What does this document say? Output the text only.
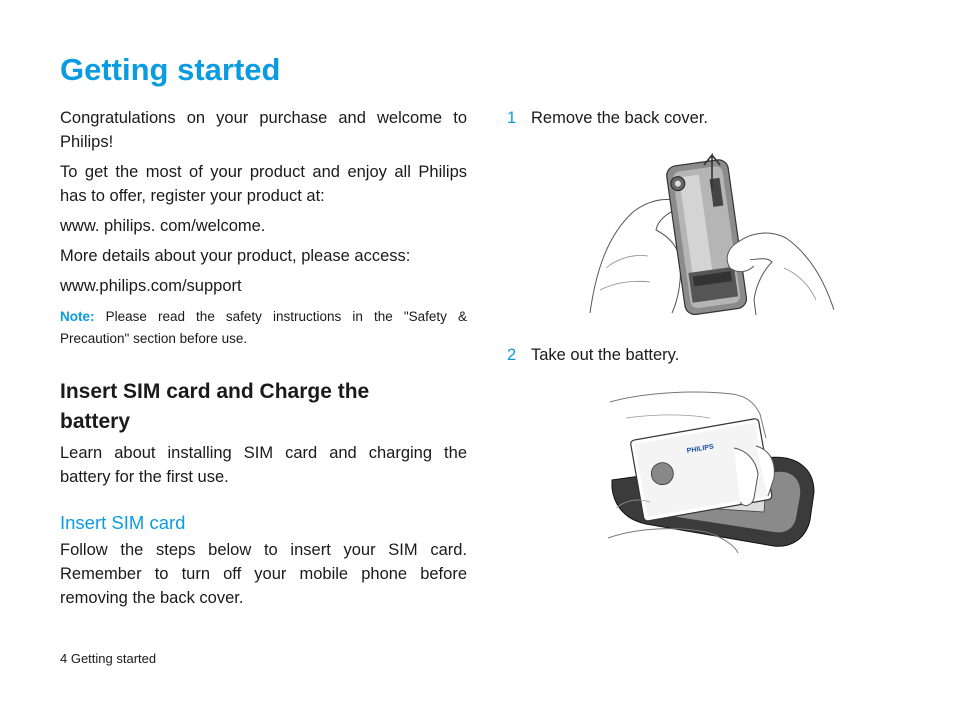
Getting started

Congratulations on your purchase and welcome to Philips!

To get the most of your product and enjoy all Philips has to offer, register your product at:

www. philips. com/welcome.

More details about your product, please access:

www.philips.com/support

Note: Please read the safety instructions in the "Safety & Precaution" section before use.

Insert SIM card and Charge the battery

Learn about installing SIM card and charging the battery for the first use.

Insert SIM card

Follow the steps below to insert your SIM card. Remember to turn off your mobile phone before removing the back cover.

1 Remove the back cover.
2 Take out the battery.
PHILIPS
4 Getting started
